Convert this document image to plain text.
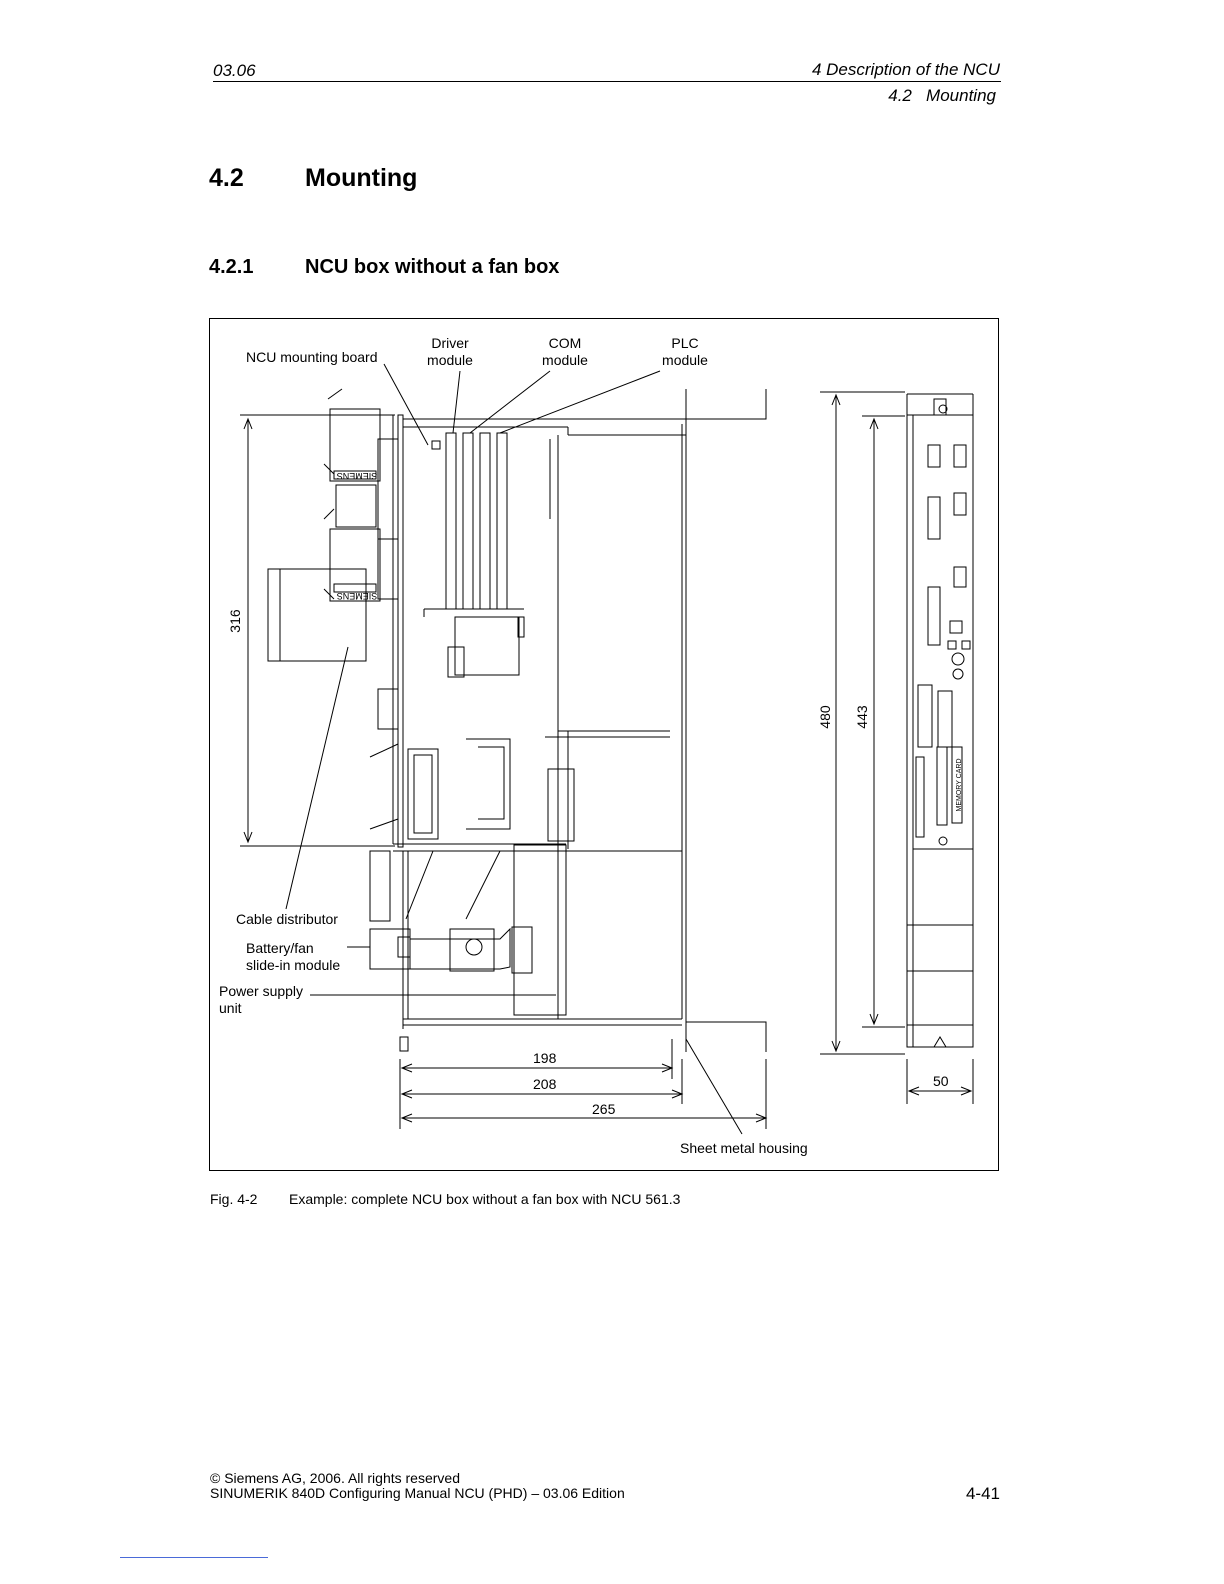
03.06	4 Description of the NCU
4.2   Mounting
4.2 Mounting
4.2.1	NCU box without a fan box
SIEMENS
SIEMENS
316
480 443
MEMORY CARD
NCU mounting board
Driver
module
COM
module
PLC
module
Cable distributor
Battery/fan
slide-in module
Power supply
unit
198
208
265
50
Sheet metal housing
Fig. 4-2 Example: complete NCU box without a fan box with NCU 561.3
© Siemens AG, 2006. All rights reserved
SINUMERIK 840D Configuring Manual NCU (PHD) – 03.06 Edition	4-41
